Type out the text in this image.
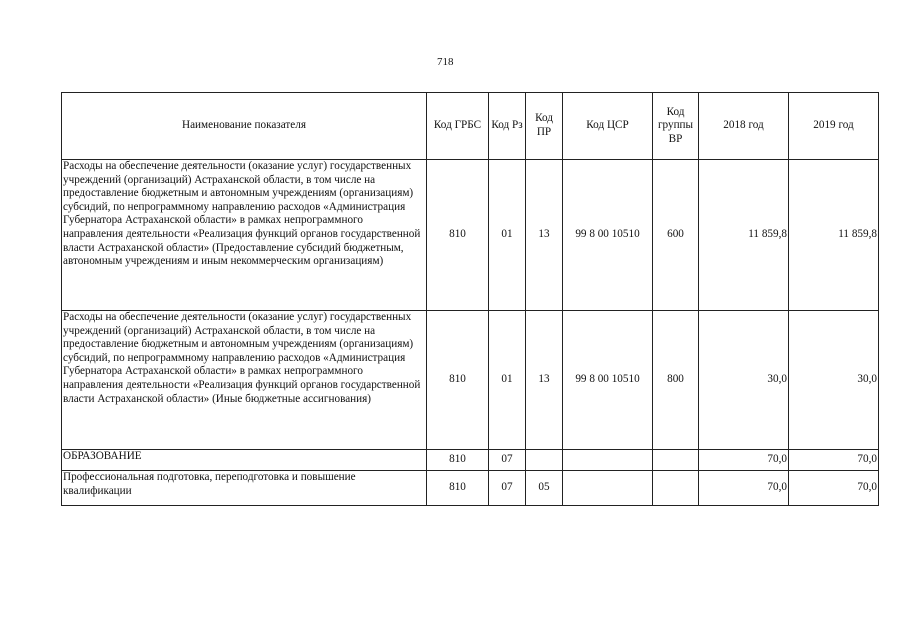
718
Наименование показателя	Код ГРБС	Код Рз	Код ПР	Код ЦСР	Код группы ВР	2018 год	2019 год
Расходы на обеспечение деятельности (оказание услуг) государственных учреждений (организаций) Астраханской области, в том числе на предоставление бюджетным и автономным учреждениям (организациям) субсидий, по непрограммному направлению расходов «Администрация Губернатора Астраханской области» в рамках непрограммного направления деятельности «Реализация функций органов государственной власти Астраханской области» (Предоставление субсидий бюджетным, автономным учреждениям и иным некоммерческим организациям)	810	01	13	99 8 00 10510	600	11 859,8	11 859,8
Расходы на обеспечение деятельности (оказание услуг) государственных учреждений (организаций) Астраханской области, в том числе на предоставление бюджетным и автономным учреждениям (организациям) субсидий, по непрограммному направлению расходов «Администрация Губернатора Астраханской области» в рамках непрограммного направления деятельности «Реализация функций органов государственной власти Астраханской области» (Иные бюджетные ассигнования)	810	01	13	99 8 00 10510	800	30,0	30,0
ОБРАЗОВАНИЕ	810	07				70,0	70,0
Профессиональная подготовка, переподготовка и повышение квалификации	810	07	05			70,0	70,0
